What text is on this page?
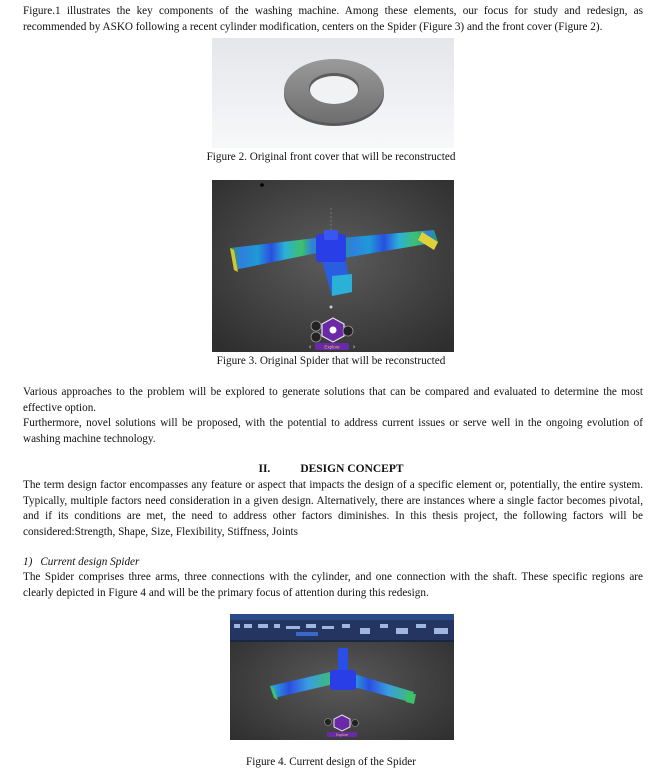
Figure.1 illustrates the key components of the washing machine. Among these elements, our focus for study and redesign, as recommended by ASKO following a recent cylinder modification, centers on the Spider (Figure 3) and the front cover (Figure 2).

Figure 2. Original front cover that will be reconstructed
Explore
‹	›
Figure 3. Original Spider that will be reconstructed

Various approaches to the problem will be explored to generate solutions that can be compared and evaluated to determine the most effective option.

Furthermore, novel solutions will be proposed, with the potential to address current issues or serve well in the ongoing evolution of washing machine technology.

II.	DESIGN CONCEPT

The term design factor encompasses any feature or aspect that impacts the design of a specific element or, potentially, the entire system. Typically, multiple factors need consideration in a given design. Alternatively, there are instances where a single factor becomes pivotal, and if its conditions are met, the need to address other factors diminishes. In this thesis project, the following factors will be considered:Strength, Shape, Size, Flexibility, Stiffness, Joints

1) Current design Spider

The Spider comprises three arms, three connections with the cylinder, and one connection with the shaft. These specific regions are clearly depicted in Figure 4 and will be the primary focus of attention during this redesign.

Explore
Figure 4. Current design of the Spider
